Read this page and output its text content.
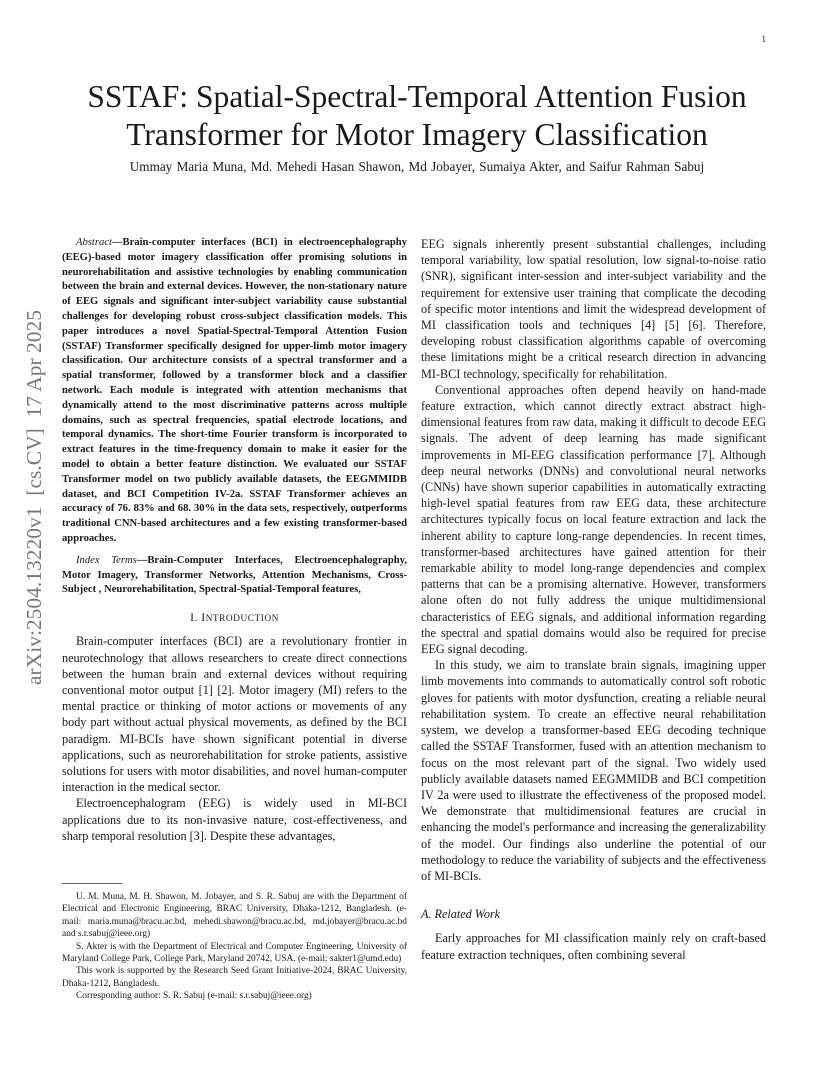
1
arXiv:2504.13220v1  [cs.CV]  17 Apr 2025
SSTAF: Spatial-Spectral-Temporal Attention Fusion Transformer for Motor Imagery Classification
Ummay Maria Muna, Md. Mehedi Hasan Shawon, Md Jobayer, Sumaiya Akter, and Saifur Rahman Sabuj

Abstract—Brain-computer interfaces (BCI) in electroencephalography (EEG)-based motor imagery classification offer promising solutions in neurorehabilitation and assistive technologies by enabling communication between the brain and external devices. However, the non-stationary nature of EEG signals and significant inter-subject variability cause substantial challenges for developing robust cross-subject classification models. This paper introduces a novel Spatial-Spectral-Temporal Attention Fusion (SSTAF) Transformer specifically designed for upper-limb motor imagery classification. Our architecture consists of a spectral transformer and a spatial transformer, followed by a transformer block and a classifier network. Each module is integrated with attention mechanisms that dynamically attend to the most discriminative patterns across multiple domains, such as spectral frequencies, spatial electrode locations, and temporal dynamics. The short-time Fourier transform is incorporated to extract features in the time-frequency domain to make it easier for the model to obtain a better feature distinction. We evaluated our SSTAF Transformer model on two publicly available datasets, the EEGMMIDB dataset, and BCI Competition IV-2a. SSTAF Transformer achieves an accuracy of 76. 83% and 68. 30% in the data sets, respectively, outperforms traditional CNN-based architectures and a few existing transformer-based approaches.

Index Terms—Brain-Computer Interfaces, Electroencephalography, Motor Imagery, Transformer Networks, Attention Mechanisms, Cross-Subject , Neurorehabilitation, Spectral-Spatial-Temporal features,

I. INTRODUCTION

Brain-computer interfaces (BCI) are a revolutionary frontier in neurotechnology that allows researchers to create direct connections between the human brain and external devices without requiring conventional motor output [1] [2]. Motor imagery (MI) refers to the mental practice or thinking of motor actions or movements of any body part without actual physical movements, as defined by the BCI paradigm. MI-BCIs have shown significant potential in diverse applications, such as neurorehabilitation for stroke patients, assistive solutions for users with motor disabilities, and novel human-computer interaction in the medical sector.

Electroencephalogram (EEG) is widely used in MI-BCI applications due to its non-invasive nature, cost-effectiveness, and sharp temporal resolution [3]. Despite these advantages,

U. M. Muna, M. H. Shawon, M. Jobayer, and S. R. Sabuj are with the Department of Electrical and Electronic Engineering, BRAC University, Dhaka-1212, Bangladesh. (e-mail: maria.muna@bracu.ac.bd, mehedi.shawon@bracu.ac.bd, md.jobayer@bracu.ac.bd and s.r.sabuj@ieee.org)

S. Akter is with the Department of Electrical and Computer Engineering, University of Maryland College Park, College Park, Maryland 20742, USA. (e-mail: sakter1@umd.edu)

This work is supported by the Research Seed Grant Initiative-2024, BRAC University, Dhaka-1212, Bangladesh.

Corresponding author: S. R. Sabuj (e-mail: s.r.sabuj@ieee.org)

EEG signals inherently present substantial challenges, including temporal variability, low spatial resolution, low signal-to-noise ratio (SNR), significant inter-session and inter-subject variability and the requirement for extensive user training that complicate the decoding of specific motor intentions and limit the widespread development of MI classification tools and techniques [4] [5] [6]. Therefore, developing robust classification algorithms capable of overcoming these limitations might be a critical research direction in advancing MI-BCI technology, specifically for rehabilitation.

Conventional approaches often depend heavily on hand-made feature extraction, which cannot directly extract abstract high-dimensional features from raw data, making it difficult to decode EEG signals. The advent of deep learning has made significant improvements in MI-EEG classification performance [7]. Although deep neural networks (DNNs) and convolutional neural networks (CNNs) have shown superior capabilities in automatically extracting high-level spatial features from raw EEG data, these architecture architectures typically focus on local feature extraction and lack the inherent ability to capture long-range dependencies. In recent times, transformer-based architectures have gained attention for their remarkable ability to model long-range dependencies and complex patterns that can be a promising alternative. However, transformers alone often do not fully address the unique multidimensional characteristics of EEG signals, and additional information regarding the spectral and spatial domains would also be required for precise EEG signal decoding.

In this study, we aim to translate brain signals, imagining upper limb movements into commands to automatically control soft robotic gloves for patients with motor dysfunction, creating a reliable neural rehabilitation system. To create an effective neural rehabilitation system, we develop a transformer-based EEG decoding technique called the SSTAF Transformer, fused with an attention mechanism to focus on the most relevant part of the signal. Two widely used publicly available datasets named EEGMMIDB and BCI competition IV 2a were used to illustrate the effectiveness of the proposed model. We demonstrate that multidimensional features are crucial in enhancing the model's performance and increasing the generalizability of the model. Our findings also underline the potential of our methodology to reduce the variability of subjects and the effectiveness of MI-BCIs.

A. Related Work

Early approaches for MI classification mainly rely on craft-based feature extraction techniques, often combining several
